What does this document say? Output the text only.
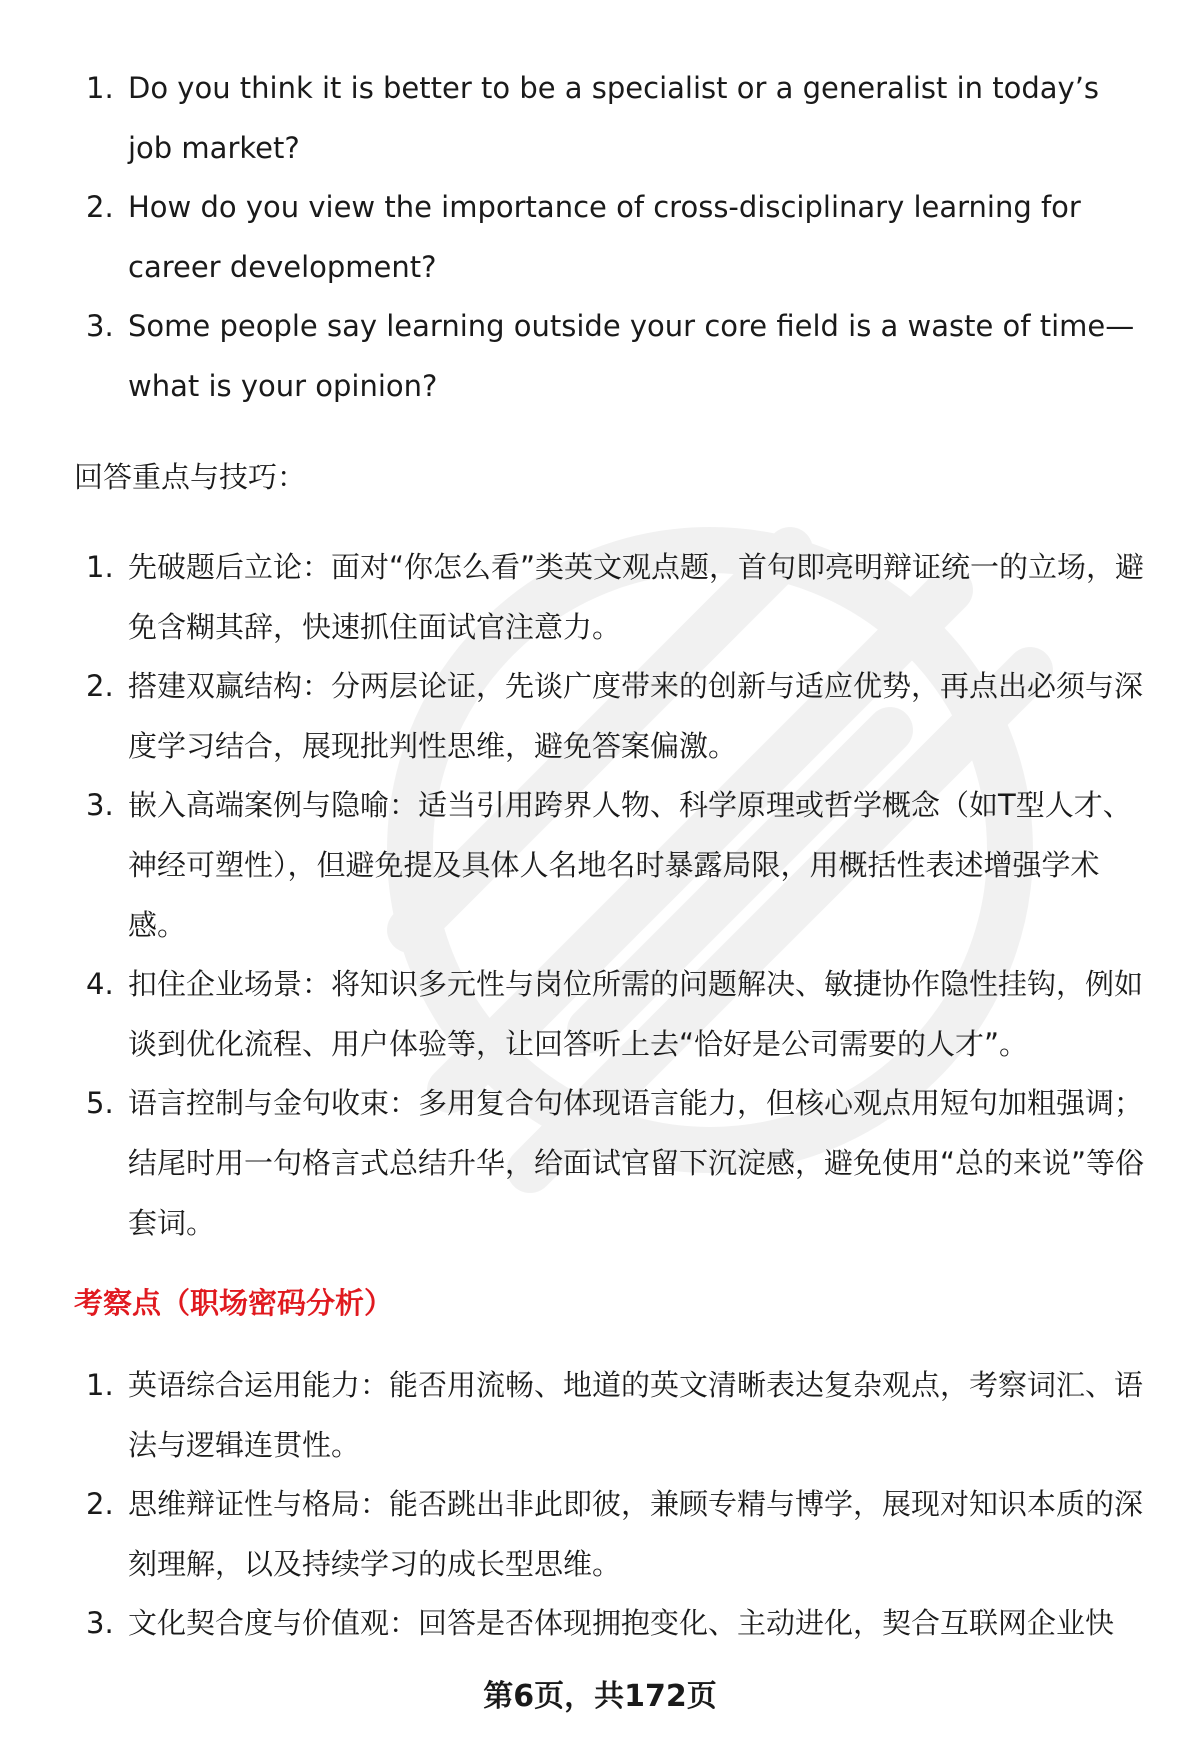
1. Do you think it is better to be a specialist or a generalist in today’s job market?
2. How do you view the importance of cross-disciplinary learning for career development?
3. Some people say learning outside your core field is a waste of time—what is your opinion?
回答重点与技巧：
1. 先破题后立论：面对“你怎么看”类英文观点题，首句即亮明辩证统一的立场，避免含糊其辞，快速抓住面试官注意力。
2. 搭建双赢结构：分两层论证，先谈广度带来的创新与适应优势，再点出必须与深度学习结合，展现批判性思维，避免答案偏激。
3. 嵌入高端案例与隐喻：适当引用跨界人物、科学原理或哲学概念（如T型人才、神经可塑性），但避免提及具体人名地名时暴露局限，用概括性表述增强学术感。
4. 扣住企业场景：将知识多元性与岗位所需的问题解决、敏捷协作隐性挂钩，例如谈到优化流程、用户体验等，让回答听上去“恰好是公司需要的人才”。
5. 语言控制与金句收束：多用复合句体现语言能力，但核心观点用短句加粗强调；结尾时用一句格言式总结升华，给面试官留下沉淀感，避免使用“总的来说”等俗套词。
考察点（职场密码分析）
1. 英语综合运用能力：能否用流畅、地道的英文清晰表达复杂观点，考察词汇、语法与逻辑连贯性。
2. 思维辩证性与格局：能否跳出非此即彼，兼顾专精与博学，展现对知识本质的深刻理解，以及持续学习的成长型思维。
3. 文化契合度与价值观：回答是否体现拥抱变化、主动进化，契合互联网企业快
第6页，共172页
